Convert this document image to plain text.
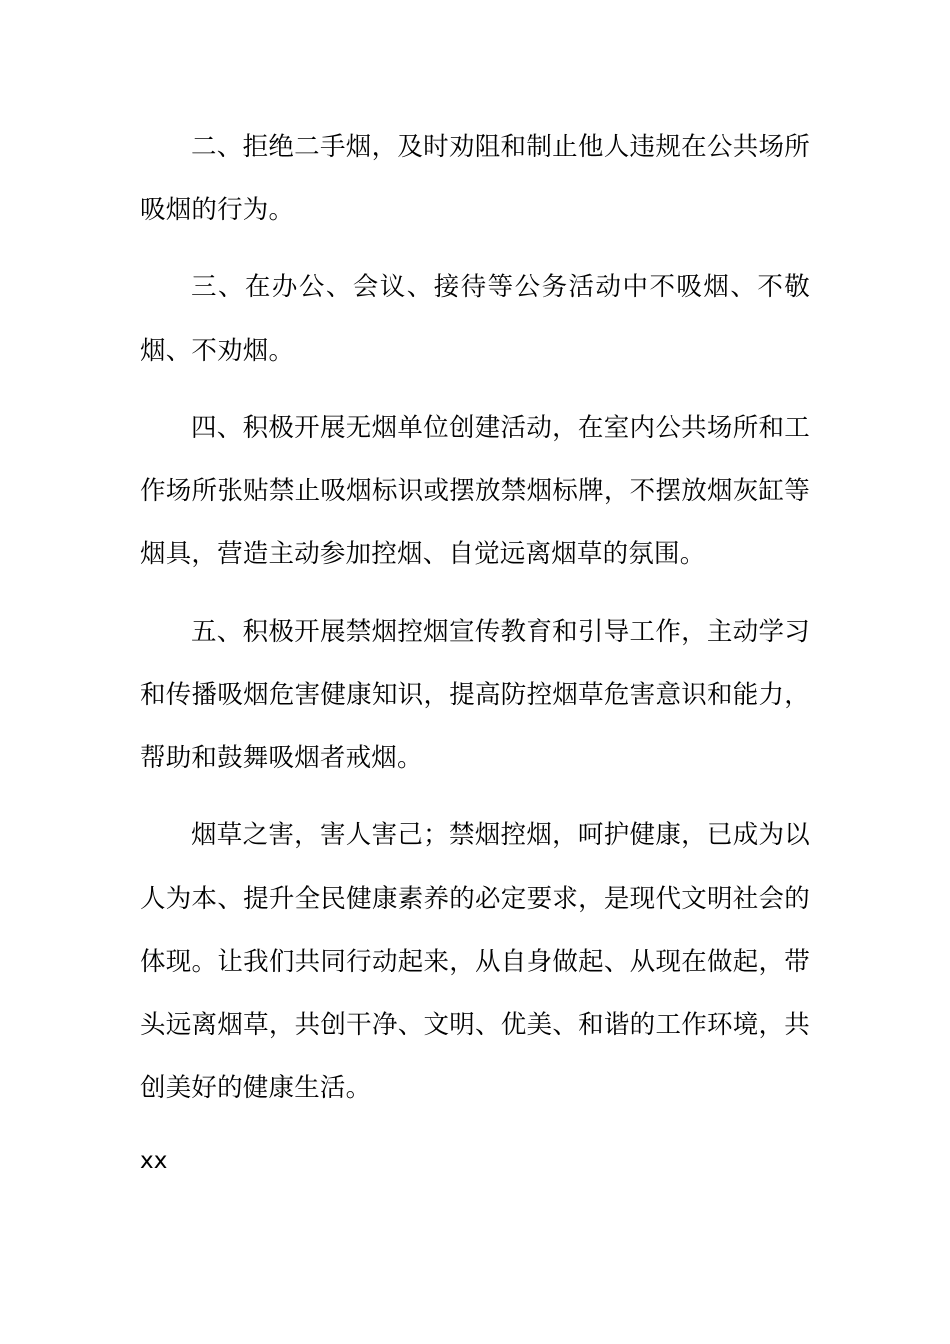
二、拒绝二手烟，及时劝阻和制止他人违规在公共场所吸烟的行为。

三、在办公、会议、接待等公务活动中不吸烟、不敬烟、不劝烟。

四、积极开展无烟单位创建活动，在室内公共场所和工作场所张贴禁止吸烟标识或摆放禁烟标牌，不摆放烟灰缸等烟具，营造主动参加控烟、自觉远离烟草的氛围。

五、积极开展禁烟控烟宣传教育和引导工作，主动学习和传播吸烟危害健康知识，提高防控烟草危害意识和能力，帮助和鼓舞吸烟者戒烟。

烟草之害，害人害己；禁烟控烟，呵护健康，已成为以人为本、提升全民健康素养的必定要求，是现代文明社会的体现。让我们共同行动起来，从自身做起、从现在做起，带头远离烟草，共创干净、文明、优美、和谐的工作环境，共创美好的健康生活。

xx
